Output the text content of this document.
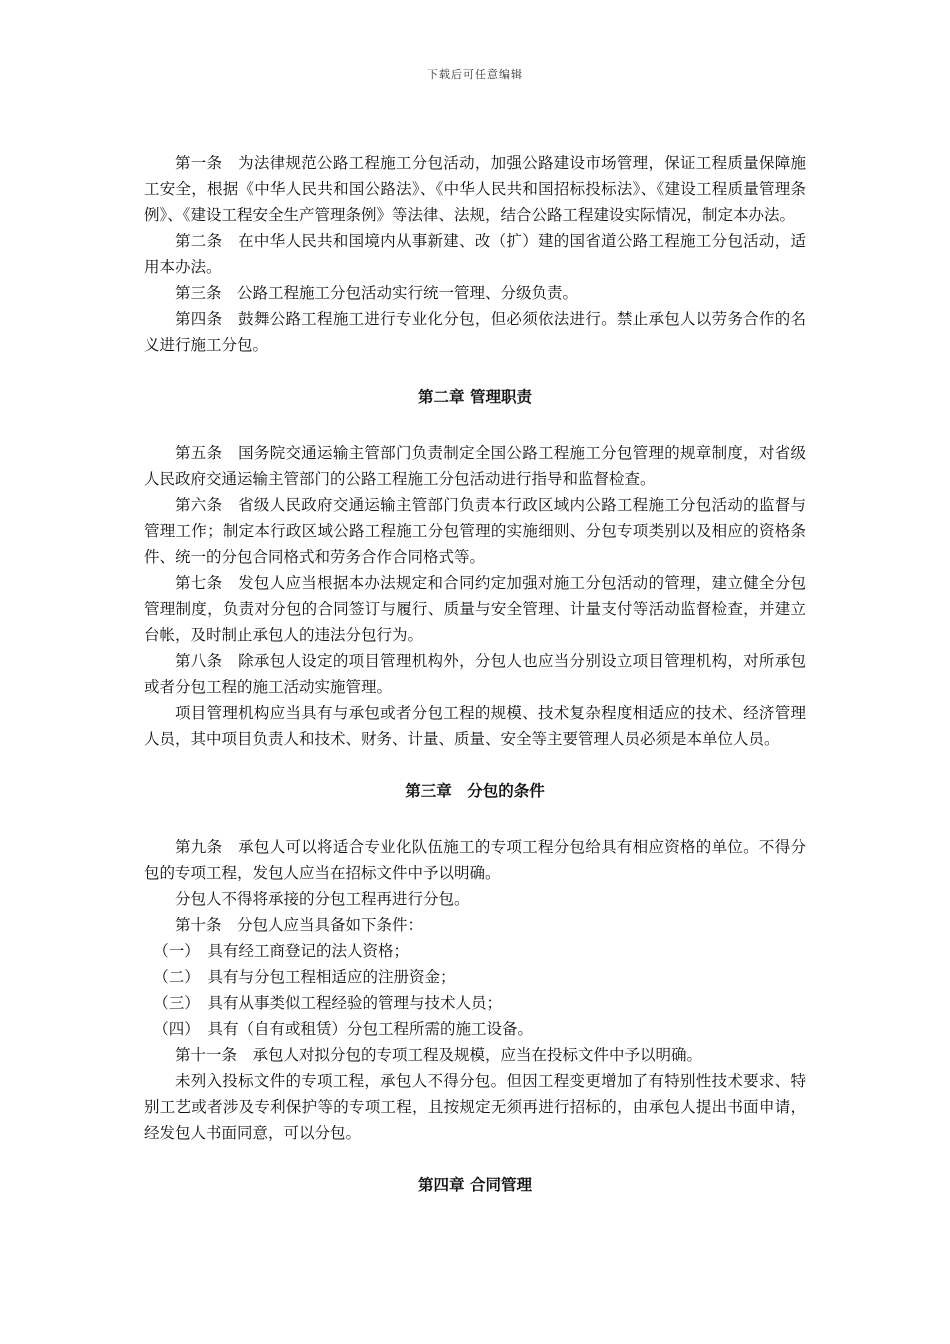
下载后可任意编辑

第一条　为法律规范公路工程施工分包活动，加强公路建设市场管理，保证工程质量保障施工安全，根据《中华人民共和国公路法》、《中华人民共和国招标投标法》、《建设工程质量管理条例》、《建设工程安全生产管理条例》等法律、法规，结合公路工程建设实际情况，制定本办法。

第二条　在中华人民共和国境内从事新建、改（扩）建的国省道公路工程施工分包活动，适用本办法。

第三条　公路工程施工分包活动实行统一管理、分级负责。

第四条　鼓舞公路工程施工进行专业化分包，但必须依法进行。禁止承包人以劳务合作的名义进行施工分包。

第二章 管理职责

第五条　国务院交通运输主管部门负责制定全国公路工程施工分包管理的规章制度，对省级人民政府交通运输主管部门的公路工程施工分包活动进行指导和监督检查。

第六条　省级人民政府交通运输主管部门负责本行政区域内公路工程施工分包活动的监督与管理工作；制定本行政区域公路工程施工分包管理的实施细则、分包专项类别以及相应的资格条件、统一的分包合同格式和劳务合作合同格式等。

第七条　发包人应当根据本办法规定和合同约定加强对施工分包活动的管理，建立健全分包管理制度，负责对分包的合同签订与履行、质量与安全管理、计量支付等活动监督检查，并建立台帐，及时制止承包人的违法分包行为。

第八条　除承包人设定的项目管理机构外，分包人也应当分别设立项目管理机构，对所承包或者分包工程的施工活动实施管理。

项目管理机构应当具有与承包或者分包工程的规模、技术复杂程度相适应的技术、经济管理人员，其中项目负责人和技术、财务、计量、质量、安全等主要管理人员必须是本单位人员。

第三章　分包的条件

第九条　承包人可以将适合专业化队伍施工的专项工程分包给具有相应资格的单位。不得分包的专项工程，发包人应当在招标文件中予以明确。

分包人不得将承接的分包工程再进行分包。

第十条　分包人应当具备如下条件：

（一）　具有经工商登记的法人资格；

（二）　具有与分包工程相适应的注册资金；

（三）　具有从事类似工程经验的管理与技术人员；

（四）　具有（自有或租赁）分包工程所需的施工设备。

第十一条　承包人对拟分包的专项工程及规模，应当在投标文件中予以明确。

未列入投标文件的专项工程，承包人不得分包。但因工程变更增加了有特别性技术要求、特别工艺或者涉及专利保护等的专项工程，且按规定无须再进行招标的，由承包人提出书面申请，经发包人书面同意，可以分包。

第四章 合同管理
